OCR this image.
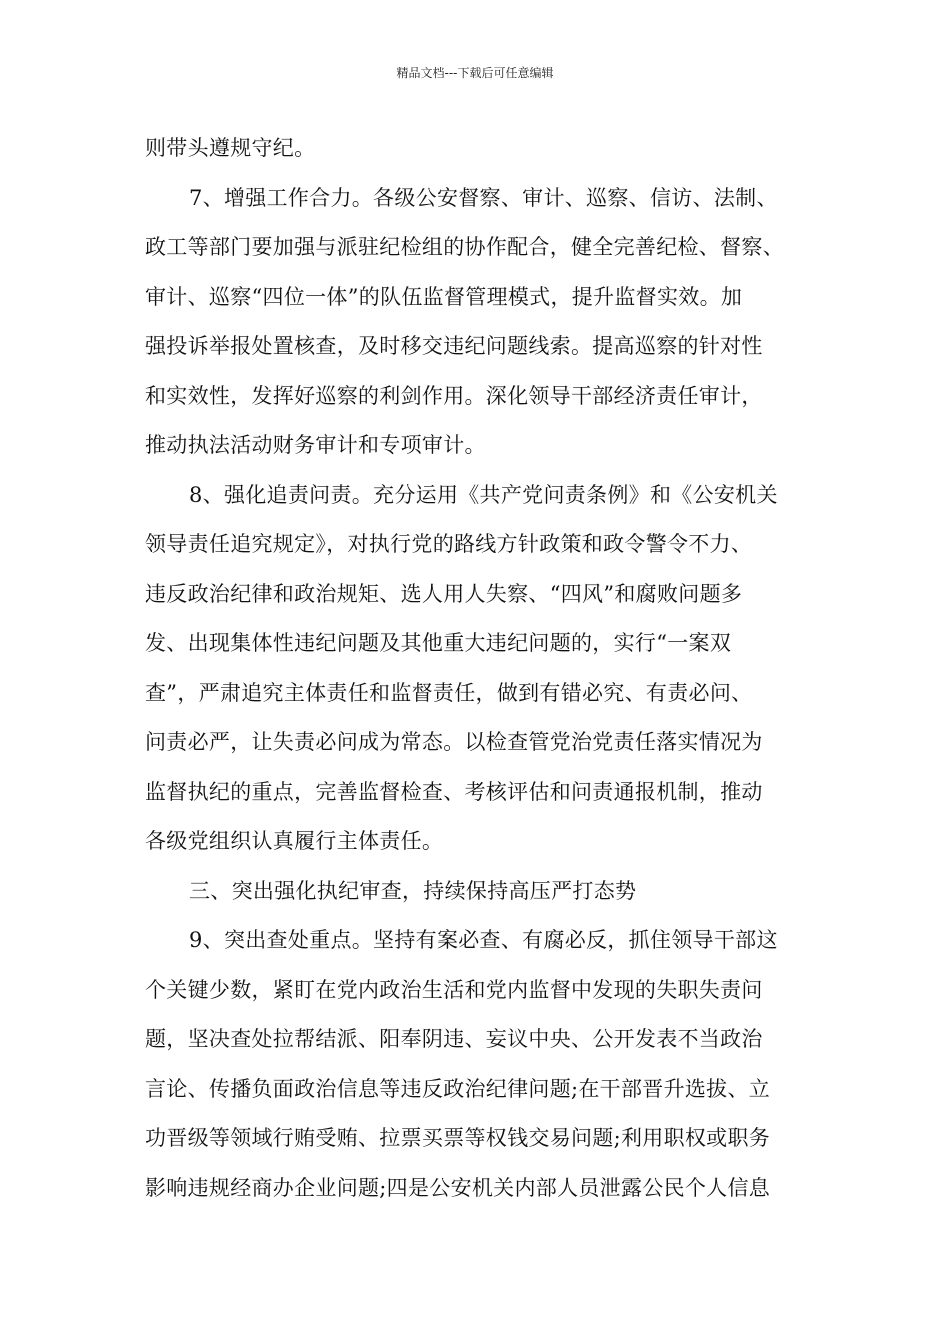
精品文档---下载后可任意编辑
则带头遵规守纪。
7、增强工作合力。各级公安督察、审计、巡察、信访、法制、
政工等部门要加强与派驻纪检组的协作配合，健全完善纪检、督察、
审计、巡察“四位一体”的队伍监督管理模式，提升监督实效。加
强投诉举报处置核查，及时移交违纪问题线索。提高巡察的针对性
和实效性，发挥好巡察的利剑作用。深化领导干部经济责任审计，
推动执法活动财务审计和专项审计。
8、强化追责问责。充分运用《共产党问责条例》和《公安机关
领导责任追究规定》，对执行党的路线方针政策和政令警令不力、
违反政治纪律和政治规矩、选人用人失察、“四风”和腐败问题多
发、出现集体性违纪问题及其他重大违纪问题的，实行“一案双
查”，严肃追究主体责任和监督责任，做到有错必究、有责必问、
问责必严，让失责必问成为常态。以检查管党治党责任落实情况为
监督执纪的重点，完善监督检查、考核评估和问责通报机制，推动
各级党组织认真履行主体责任。
三、突出强化执纪审查，持续保持高压严打态势
9、突出查处重点。坚持有案必查、有腐必反，抓住领导干部这
个关键少数，紧盯在党内政治生活和党内监督中发现的失职失责问
题，坚决查处拉帮结派、阳奉阴违、妄议中央、公开发表不当政治
言论、传播负面政治信息等违反政治纪律问题;在干部晋升选拔、立
功晋级等领域行贿受贿、拉票买票等权钱交易问题;利用职权或职务
影响违规经商办企业问题;四是公安机关内部人员泄露公民个人信息
